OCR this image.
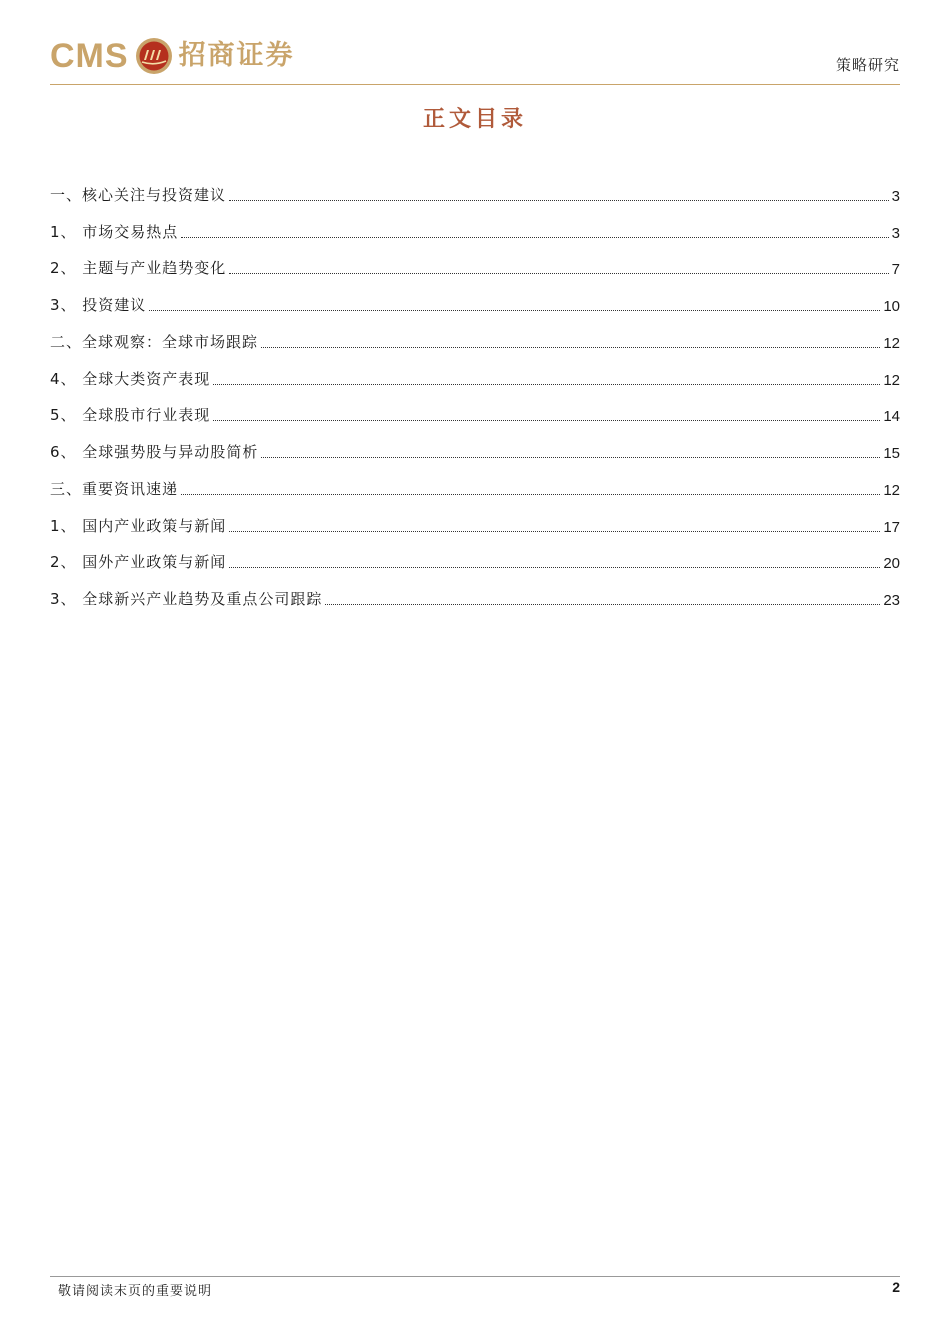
CMS 招商证券	策略研究
正文目录
一、核心关注与投资建议	3
1、 市场交易热点	3
2、 主题与产业趋势变化	7
3、 投资建议	10
二、全球观察：全球市场跟踪	12
4、 全球大类资产表现	12
5、 全球股市行业表现	14
6、 全球强势股与异动股简析	15
三、重要资讯速递	12
1、 国内产业政策与新闻	17
2、 国外产业政策与新闻	20
3、 全球新兴产业趋势及重点公司跟踪	23
敬请阅读末页的重要说明	2
